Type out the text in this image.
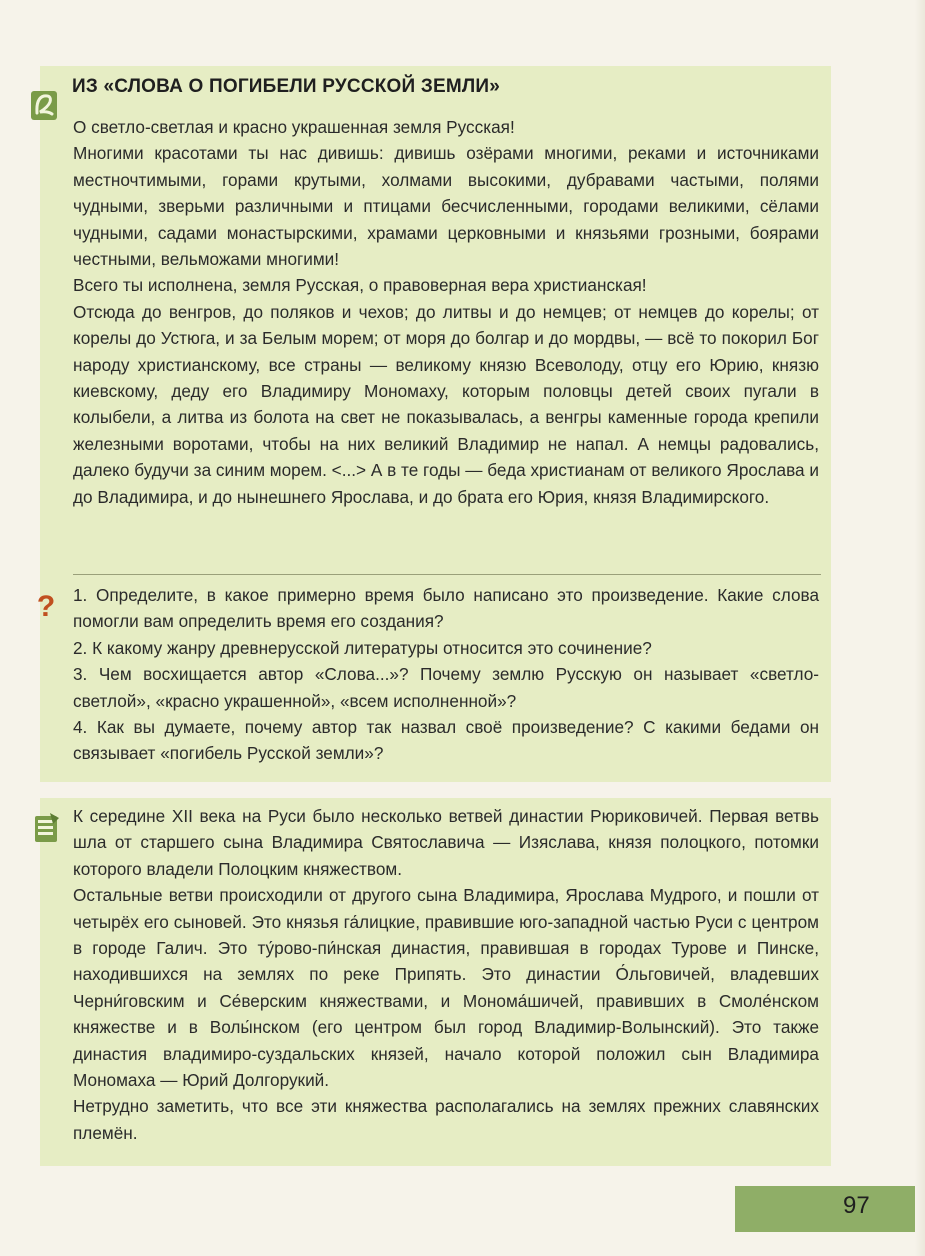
ИЗ «СЛОВА О ПОГИБЕЛИ РУССКОЙ ЗЕМЛИ»

О светло-светлая и красно украшенная земля Русская!

Многими красотами ты нас дивишь: дивишь озёрами многими, реками и источниками местночтимыми, горами крутыми, холмами высокими, дубравами частыми, полями чудными, зверьми различными и птицами бесчисленными, городами великими, сёлами чудными, садами монастырскими, храмами церковными и князьями грозными, боярами честными, вельможами многими!

Всего ты исполнена, земля Русская, о правоверная вера христианская!

Отсюда до венгров, до поляков и чехов; до литвы и до немцев; от немцев до корелы; от корелы до Устюга, и за Белым морем; от моря до болгар и до мордвы, — всё то покорил Бог народу христианскому, все страны — великому князю Всеволоду, отцу его Юрию, князю киевскому, деду его Владимиру Мономаху, которым половцы детей своих пугали в колыбели, а литва из болота на свет не показывалась, а венгры каменные города крепили железными воротами, чтобы на них великий Владимир не напал. А немцы радовались, далеко будучи за синим морем. <...> А в те годы — беда христианам от великого Ярослава и до Владимира, и до нынешнего Ярослава, и до брата его Юрия, князя Владимирского.

? 1. Определите, в какое примерно время было написано это произведение. Какие слова помогли вам определить время его создания?

2. К какому жанру древнерусской литературы относится это сочинение?

3. Чем восхищается автор «Слова...»? Почему землю Русскую он называет «светло-светлой», «красно украшенной», «всем исполненной»?

4. Как вы думаете, почему автор так назвал своё произведение? С какими бедами он связывает «погибель Русской земли»?

К середине XII века на Руси было несколько ветвей династии Рюриковичей. Первая ветвь шла от старшего сына Владимира Святославича — Изяслава, князя полоцкого, потомки которого владели Полоцким княжеством.

Остальные ветви происходили от другого сына Владимира, Ярослава Мудрого, и пошли от четырёх его сыновей. Это князья га́лицкие, правившие юго-западной частью Руси с центром в городе Галич. Это ту́рово-пи́нская династия, правившая в городах Турове и Пинске, находившихся на землях по реке Припять. Это династии О́льговичей, владевших Черни́говским и Се́верским княжествами, и Монома́шичей, правивших в Смоле́нском княжестве и в Волы́нском (его центром был город Владимир-Волынский). Это также династия владимиро-суздальских князей, начало которой положил сын Владимира Мономаха — Юрий Долгорукий.

Нетрудно заметить, что все эти княжества располагались на землях прежних славянских племён.

97
